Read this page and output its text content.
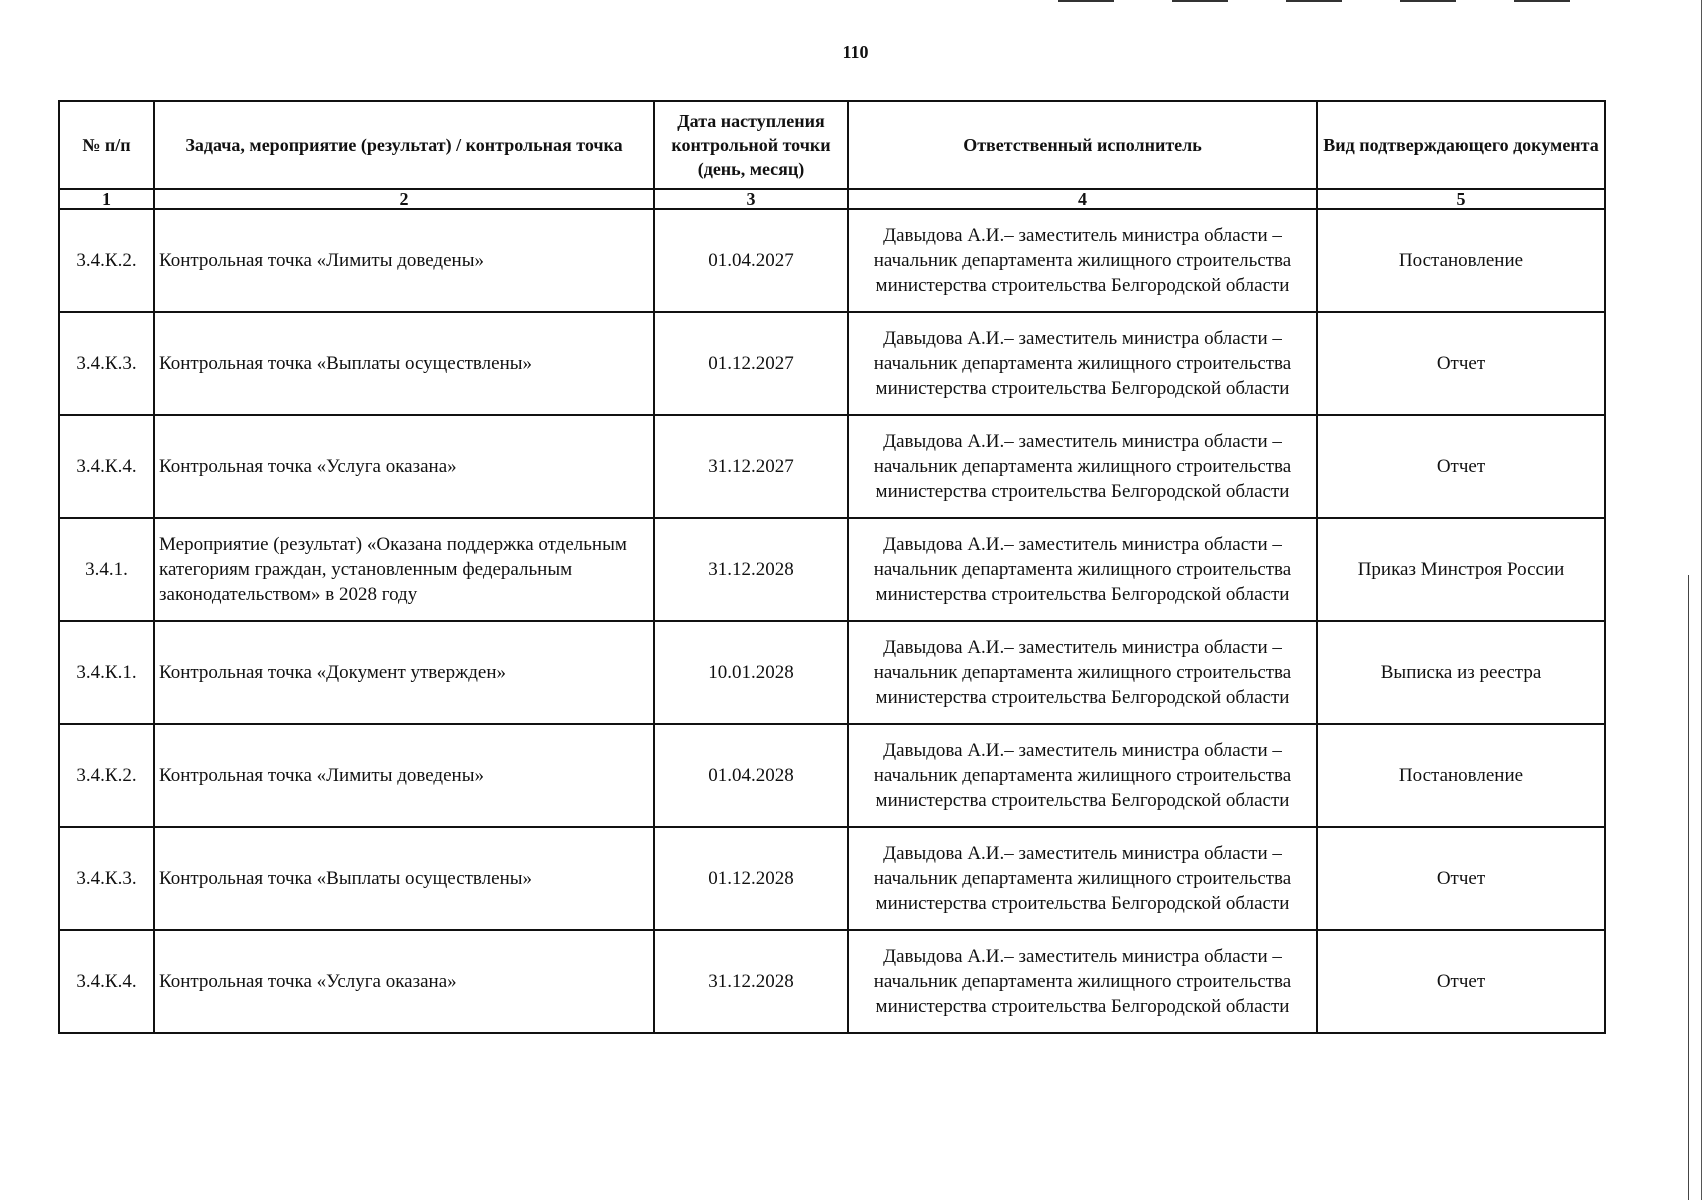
110
№ п/п	Задача, мероприятие (результат) / контрольная точка	Дата наступления контрольной точки (день, месяц)	Ответственный исполнитель	Вид подтверждающего документа
1	2	3	4	5
3.4.К.2.	Контрольная точка «Лимиты доведены»	01.04.2027	Давыдова А.И.– заместитель министра области – начальник департамента жилищного строительства министерства строительства Белгородской области	Постановление
3.4.К.3.	Контрольная точка «Выплаты осуществлены»	01.12.2027	Давыдова А.И.– заместитель министра области – начальник департамента жилищного строительства министерства строительства Белгородской области	Отчет
3.4.К.4.	Контрольная точка «Услуга оказана»	31.12.2027	Давыдова А.И.– заместитель министра области – начальник департамента жилищного строительства министерства строительства Белгородской области	Отчет
3.4.1.	Мероприятие (результат) «Оказана поддержка отдельным категориям граждан, установленным федеральным законодательством» в 2028 году	31.12.2028	Давыдова А.И.– заместитель министра области – начальник департамента жилищного строительства министерства строительства Белгородской области	Приказ Минстроя России
3.4.К.1.	Контрольная точка «Документ утвержден»	10.01.2028	Давыдова А.И.– заместитель министра области – начальник департамента жилищного строительства министерства строительства Белгородской области	Выписка из реестра
3.4.К.2.	Контрольная точка «Лимиты доведены»	01.04.2028	Давыдова А.И.– заместитель министра области – начальник департамента жилищного строительства министерства строительства Белгородской области	Постановление
3.4.К.3.	Контрольная точка «Выплаты осуществлены»	01.12.2028	Давыдова А.И.– заместитель министра области – начальник департамента жилищного строительства министерства строительства Белгородской области	Отчет
3.4.К.4.	Контрольная точка «Услуга оказана»	31.12.2028	Давыдова А.И.– заместитель министра области – начальник департамента жилищного строительства министерства строительства Белгородской области	Отчет
